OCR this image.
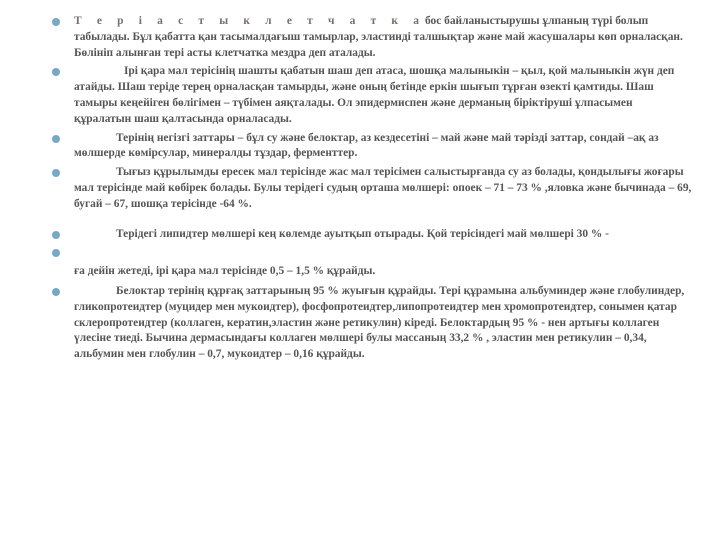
Т е р і а с т ы к л е т ч а т к а бос байланыстырушы ұлпаның түрі болып табылады. Бұл қабатта қан тасымалдағыш тамырлар, эластинді талшықтар және май жасушалары көп орналасқан. Бөлініп алынған тері асты клетчатка мездра деп аталады.
Ірі қара мал терісінің шашты қабатын шаш деп атаса, шошқа малыныкін – қыл, қой малыныкін жүн деп атайды. Шаш теріде терең орналасқан тамырды, және оның бетінде еркін шығып тұрған өзекті қамтиды. Шаш тамыры кеңейіген бөлігімен – түбімен аяқталады. Ол эпидермиспен және дерманың біріктіруші ұлпасымен құралатын шаш қалтасында орналасады.
Терінің негізгі заттары – бұл су және белоктар, аз кездесетіні – май және май тәрізді заттар, сондай –ақ аз мөлшерде көмірсулар, минералды тұздар, ферменттер.
Тығыз құрылымды ересек мал терісінде жас мал терісімен салыстырғанда су аз болады, қондылығы жоғары мал терісінде май көбірек болады. Булы терідегі судың орташа мөлшері: опоек – 71 – 73 % ,яловка және бычинада – 69, бугай – 67, шошқа терісінде -64 %.
Терідегі липидтер мөлшері кең көлемде ауытқып отырады. Қой терісіндегі май мөлшері 30 % -
ға дейін жетеді, ірі қара мал терісінде 0,5 – 1,5 % құрайды.
Белоктар терінің құрғақ заттарының 95 % жуығын құрайды. Тері құрамына альбуминдер және глобулиндер, гликопротеидтер (муцидер мен мукоидтер), фосфопротеидтер,липопротеидтер мен хромопротеидтер, сонымен қатар склеропротеидтер (коллаген, кератин,эластин және ретикулин) кіреді. Белоктардың 95 % - нен артығы коллаген үлесіне тиеді. Бычина дермасындағы коллаген мөлшері булы массаның 33,2 % , эластин мен ретикулин – 0,34, альбумин мен глобулин – 0,7, мукоидтер – 0,16 құрайды.
